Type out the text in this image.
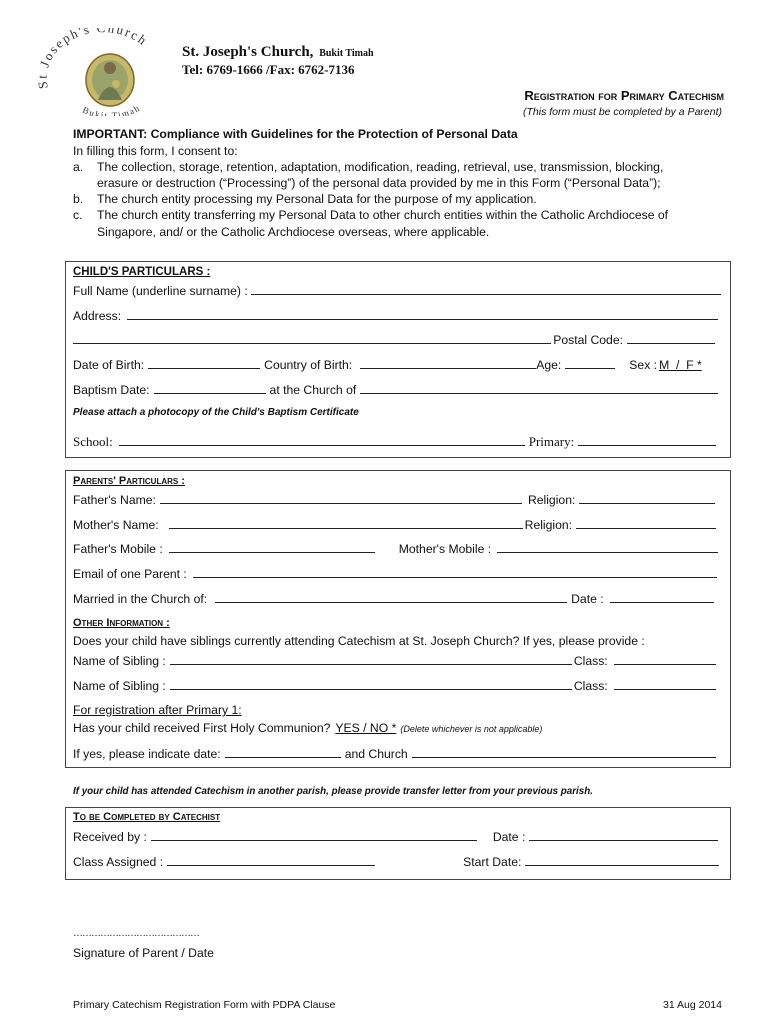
St Joseph's hurch
Bukit Timah
St. Joseph's Church, Bukit Timah
Tel: 6769-1666 /Fax: 6762-7136
Registration for Primary Catechism
(This form must be completed by a Parent)
IMPORTANT: Compliance with Guidelines for the Protection of Personal Data
In filling this form, I consent to:
a. The collection, storage, retention, adaptation, modification, reading, retrieval, use, transmission, blocking,
erasure or destruction (“Processing”) of the personal data provided by me in this Form (“Personal Data”);
b. The church entity processing my Personal Data for the purpose of my application.
c. The church entity transferring my Personal Data to other church entities within the Catholic Archdiocese of
Singapore, and/ or the Catholic Archdiocese overseas, where applicable.
CHILD'S PARTICULARS :
Full Name (underline surname) :
Address:
Postal Code:
Date of Birth:	Country of Birth:	Age:	Sex : M  /  F *
Baptism Date:	at the Church of
Please attach a photocopy of the Child's Baptism Certificate
School:	Primary:
Parents' Particulars :
Father's Name:	Religion:
Mother's Name:	Religion:
Father's Mobile :	Mother's Mobile :
Email of one Parent :
Married in the Church of:	Date :
Other Information :
Does your child have siblings currently attending Catechism at St. Joseph Church? If yes, please provide :
Name of Sibling :	Class:
Name of Sibling :	Class:
For registration after Primary 1:
Has your child received First Holy Communion? YES / NO * (Delete whichever is not applicable)
If yes, please indicate date:	and Church
If your child has attended Catechism in another parish, please provide transfer letter from your previous parish.
To be Completed by Catechist
Received by :	Date :
Class Assigned :	Start Date:
……………………………………
Signature of Parent / Date
Primary Catechism Registration Form with PDPA Clause	31 Aug 2014
